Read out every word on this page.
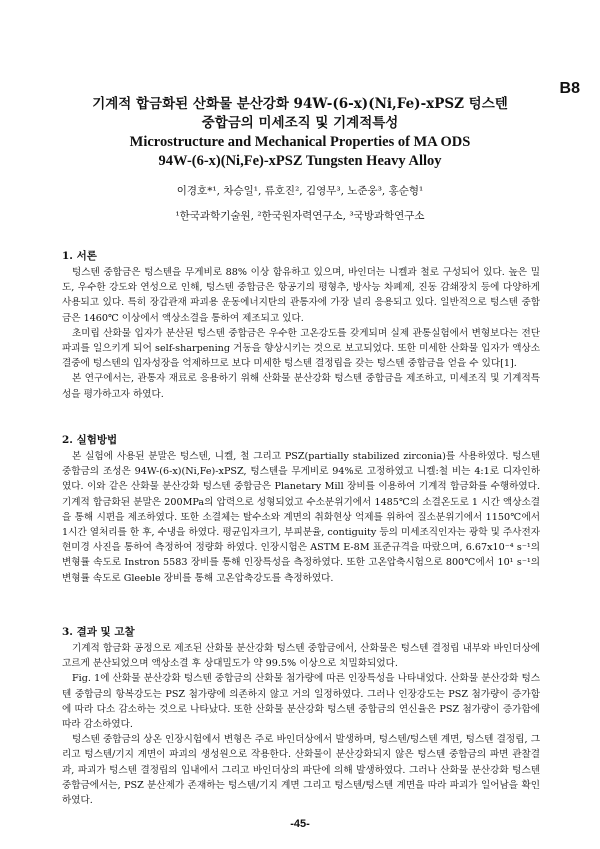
B8

기계적 합금화된 산화물 분산강화 94W-(6-x)(Ni,Fe)-xPSZ 텅스텐

중합금의 미세조직 및 기계적특성

Microstructure and Mechanical Properties of MA ODS

94W-(6-x)(Ni,Fe)-xPSZ Tungsten Heavy Alloy

이경호*¹, 차승일¹, 류호진², 김영무³, 노준웅³, 홍순형¹
¹한국과학기술원, ²한국원자력연구소, ³국방과학연구소

1. 서론

텅스텐 중합금은 텅스텐을 무게비로 88% 이상 함유하고 있으며, 바인더는 니켈과 철로 구성되어 있다. 높은 밀도, 우수한 강도와 연성으로 인해, 텅스텐 중합금은 항공기의 평형추, 방사능 차폐제, 진동 감쇄장치 등에 다양하게 사용되고 있다. 특히 장갑관재 파괴용 운동에너지탄의 관통자에 가장 널리 응용되고 있다. 일반적으로 텅스텐 중합금은 1460℃ 이상에서 액상소결을 통하여 제조되고 있다.

초미립 산화물 입자가 분산된 텅스텐 중합금은 우수한 고온강도를 갖게되며 실제 관통실험에서 변형보다는 전단파괴를 일으키게 되어 self-sharpening 거동을 향상시키는 것으로 보고되었다. 또한 미세한 산화물 입자가 액상소결중에 텅스텐의 입자성장을 억제하므로 보다 미세한 텅스텐 결정립을 갖는 텅스텐 중합금을 얻을 수 있다[1].

본 연구에서는, 관통자 재료로 응용하기 위해 산화물 분산강화 텅스텐 중합금을 제조하고, 미세조직 및 기계적특성을 평가하고자 하였다.

2. 실험방법

본 실험에 사용된 분말은 텅스텐, 니켈, 철 그리고 PSZ(partially stabilized zirconia)를 사용하였다. 텅스텐 중합금의 조성은 94W-(6-x)(Ni,Fe)-xPSZ, 텅스텐을 무게비로 94%로 고정하였고 니켈:철 비는 4:1로 디자인하였다. 이와 같은 산화물 분산강화 텅스텐 중합금은 Planetary Mill 장비를 이용하여 기계적 합금화를 수행하였다. 기계적 합금화된 분말은 200MPa의 압력으로 성형되었고 수소분위기에서 1485℃의 소결온도로 1 시간 액상소결을 통해 시편을 제조하였다. 또한 소결체는 탈수소와 계면의 취화현상 억제를 위하여 질소분위기에서 1150℃에서 1시간 열처리를 한 후, 수냉을 하였다. 평균입자크기, 부피분율, contiguity 등의 미세조직인자는 광학 및 주사전자현미경 사진을 통하여 측정하여 정량화 하였다. 인장시험은 ASTM E-8M 표준규격을 따랐으며, 6.67x10⁻⁴ s⁻¹의 변형률 속도로 Instron 5583 장비를 통해 인장특성을 측정하였다. 또한 고온압축시험으로 800℃에서 10¹ s⁻¹의 변형률 속도로 Gleeble 장비를 통해 고온압축강도를 측정하였다.

3. 결과 및 고찰

기계적 합금화 공정으로 제조된 산화물 분산강화 텅스텐 중합금에서, 산화물은 텅스텐 결정립 내부와 바인더상에 고르게 분산되었으며 액상소결 후 상대밀도가 약 99.5% 이상으로 치밀화되었다.

Fig. 1에 산화물 분산강화 텅스텐 중합금의 산화물 첨가량에 따른 인장특성을 나타내었다. 산화물 분산강화 텅스텐 중합금의 항복강도는 PSZ 첨가량에 의존하지 않고 거의 일정하였다. 그러나 인장강도는 PSZ 첨가량이 증가함에 따라 다소 감소하는 것으로 나타났다. 또한 산화물 분산강화 텅스텐 중합금의 연신율은 PSZ 첨가량이 증가함에 따라 감소하였다.

텅스텐 중합금의 상온 인장시험에서 변형은 주로 바인더상에서 발생하며, 텅스텐/텅스텐 계면, 텅스텐 결정립, 그리고 텅스텐/기지 계면이 파괴의 생성원으로 작용한다. 산화물이 분산강화되지 않은 텅스텐 중합금의 파면 관찰결과, 파괴가 텅스텐 결정립의 입내에서 그리고 바인더상의 파단에 의해 발생하였다. 그러나 산화물 분산강화 텅스텐 중합금에서는, PSZ 분산제가 존재하는 텅스텐/기지 계면 그리고 텅스텐/텅스텐 계면을 따라 파괴가 일어남을 확인하였다.

-45-
